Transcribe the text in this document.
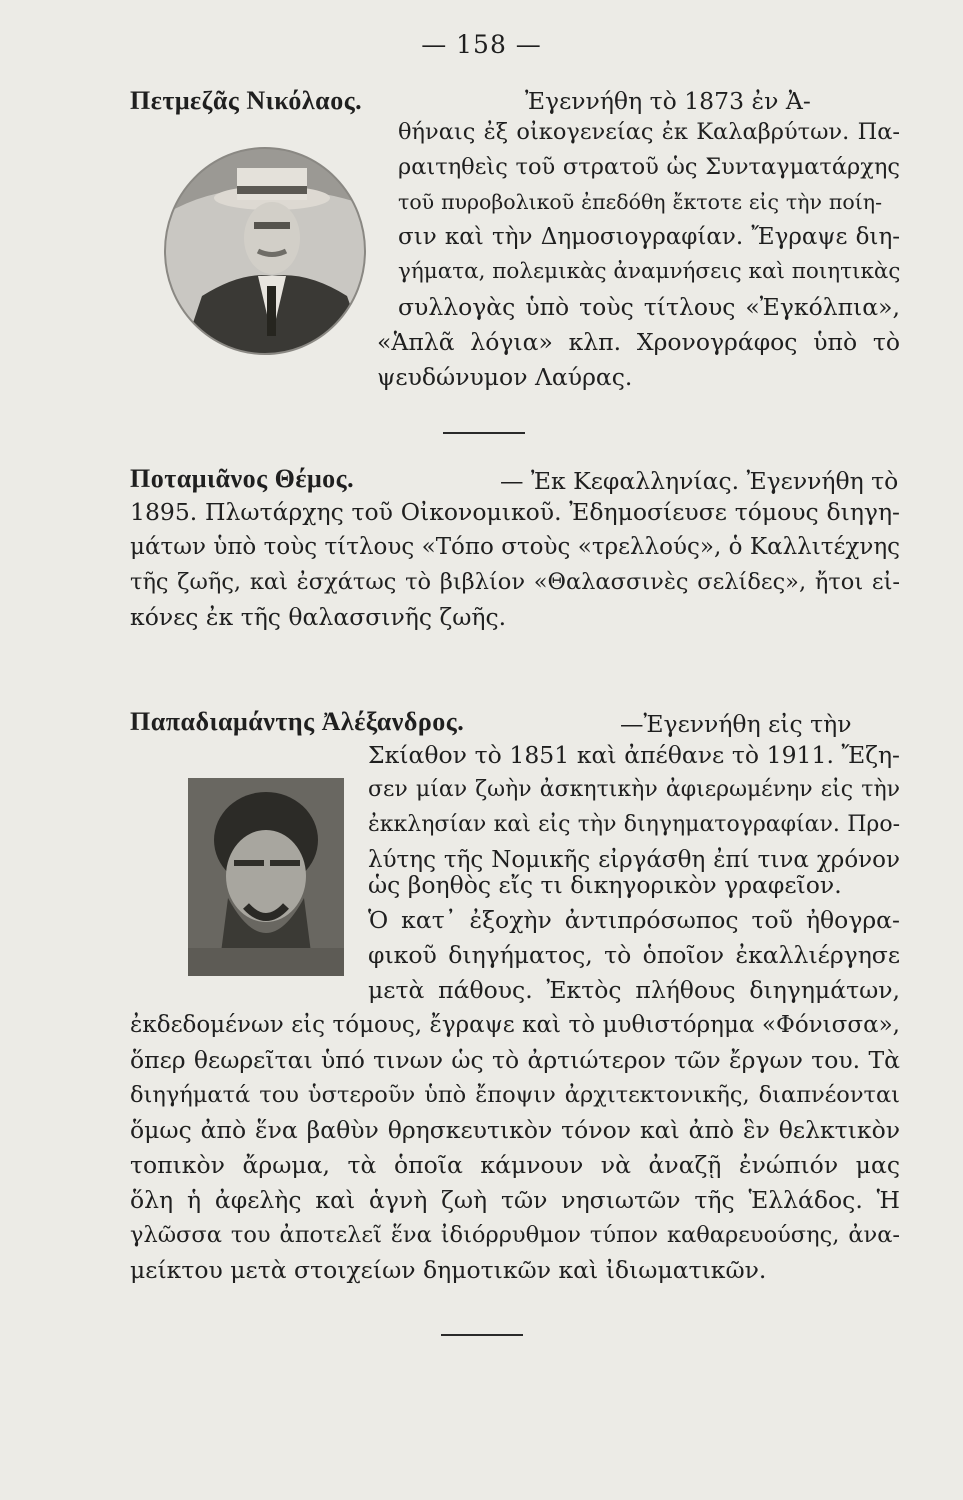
— 158 —
Πετμεζᾶς Νικόλαος.	Ἐγεννήθη τὸ 1873 ἐν Ἀ-
θήναις ἐξ οἰκογενείας ἐκ Καλαβρύτων. Πα-
ραιτηθεὶς τοῦ στρατοῦ ὡς Συνταγματάρχης
τοῦ πυροβολικοῦ ἐπεδόθη ἔκτοτε εἰς τὴν ποίη-
σιν καὶ τὴν Δημοσιογραφίαν. Ἔγραψε διη-
γήματα, πολεμικὰς ἀναμνήσεις καὶ ποιητικὰς
συλλογὰς ὑπὸ τοὺς τίτλους «Ἐγκόλπια»,
«Ἁπλᾶ λόγια» κλπ. Χρονογράφος ὑπὸ τὸ
ψευδώνυμον Λαύρας.
Ποταμιᾶνος Θέμος.	— Ἐκ Κεφαλληνίας. Ἐγεννήθη τὸ
1895. Πλωτάρχης τοῦ Οἰκονομικοῦ. Ἐδημοσίευσε τόμους διηγη-
μάτων ὑπὸ τοὺς τίτλους «Τόπο στοὺς «τρελλούς», ὁ Καλλιτέχνης
τῆς ζωῆς, καὶ ἐσχάτως τὸ βιβλίον «Θαλασσινὲς σελίδες», ἤτοι εἰ-
κόνες ἐκ τῆς θαλασσινῆς ζωῆς.
Παπαδιαμάντης Ἀλέξανδρος.	—Ἐγεννήθη εἰς τὴν
Σκίαθον τὸ 1851 καὶ ἀπέθανε τὸ 1911. Ἔζη-
σεν μίαν ζωὴν ἀσκητικὴν ἀφιερωμένην εἰς τὴν
ἐκκλησίαν καὶ εἰς τὴν διηγηματογραφίαν. Προ-
λύτης τῆς Νομικῆς εἰργάσθη ἐπί τινα χρόνον
ὡς βοηθὸς εἴς τι δικηγορικὸν γραφεῖον.
Ὁ κατ᾽ ἐξοχὴν ἀντιπρόσωπος τοῦ ἠθογρα-
φικοῦ διηγήματος, τὸ ὁποῖον ἐκαλλιέργησε
μετὰ πάθους. Ἐκτὸς πλήθους διηγημάτων,
ἐκδεδομένων εἰς τόμους, ἔγραψε καὶ τὸ μυθιστόρημα «Φόνισσα»,
ὅπερ θεωρεῖται ὑπό τινων ὡς τὸ ἀρτιώτερον τῶν ἔργων του. Τὰ
διηγήματά του ὑστεροῦν ὑπὸ ἔποψιν ἀρχιτεκτονικῆς, διαπνέονται
ὅμως ἀπὸ ἕνα βαθὺν θρησκευτικὸν τόνον καὶ ἀπὸ ἓν θελκτικὸν
τοπικὸν ἄρωμα, τὰ ὁποῖα κάμνουν νὰ ἀναζῇ ἐνώπιόν μας
ὅλη ἡ ἀφελὴς καὶ ἁγνὴ ζωὴ τῶν νησιωτῶν τῆς Ἑλλάδος. Ἡ
γλῶσσα του ἀποτελεῖ ἕνα ἰδιόρρυθμον τύπον καθαρευούσης, ἀνα-
μείκτου μετὰ στοιχείων δημοτικῶν καὶ ἰδιωματικῶν.
